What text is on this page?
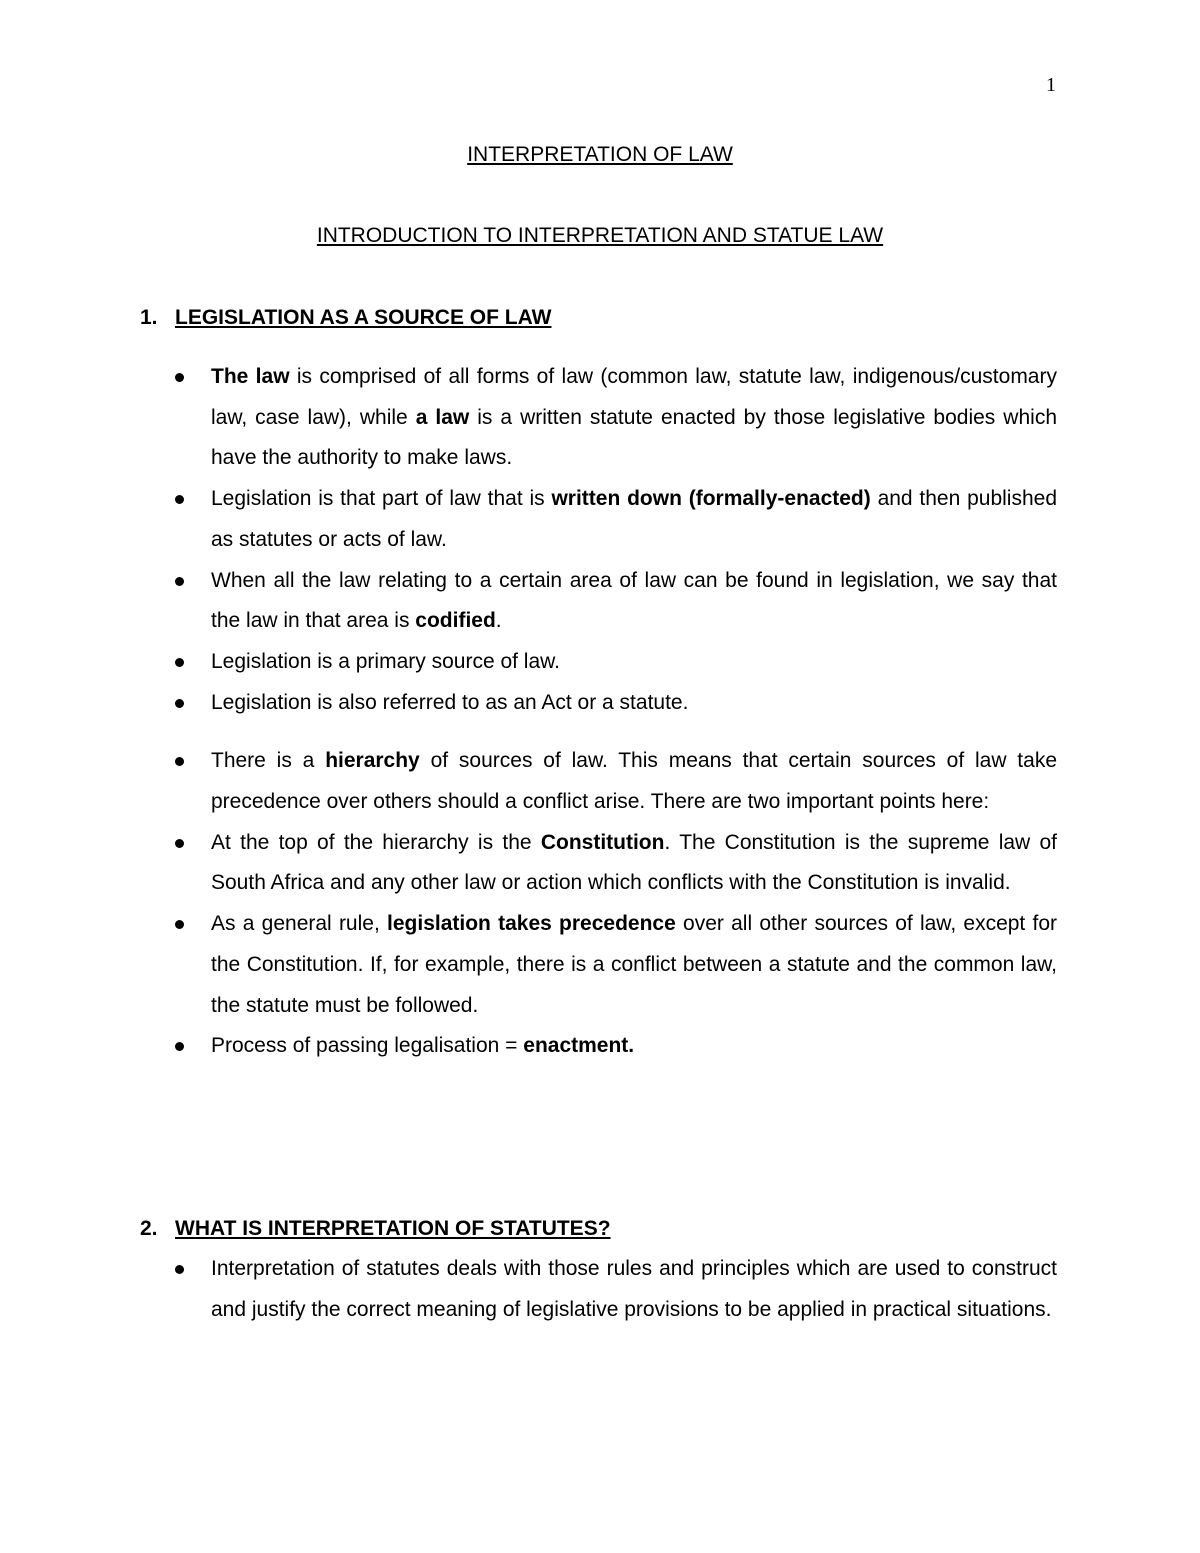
1
INTERPRETATION OF LAW
INTRODUCTION TO INTERPRETATION AND STATUE LAW
1. LEGISLATION AS A SOURCE OF LAW
The law is comprised of all forms of law (common law, statute law, indigenous/customary law, case law), while a law is a written statute enacted by those legislative bodies which have the authority to make laws.
Legislation is that part of law that is written down (formally-enacted) and then published as statutes or acts of law.
When all the law relating to a certain area of law can be found in legislation, we say that the law in that area is codified.
Legislation is a primary source of law.
Legislation is also referred to as an Act or a statute.
There is a hierarchy of sources of law. This means that certain sources of law take precedence over others should a conflict arise. There are two important points here:
At the top of the hierarchy is the Constitution. The Constitution is the supreme law of South Africa and any other law or action which conflicts with the Constitution is invalid.
As a general rule, legislation takes precedence over all other sources of law, except for the Constitution. If, for example, there is a conflict between a statute and the common law, the statute must be followed.
Process of passing legalisation = enactment.
2. WHAT IS INTERPRETATION OF STATUTES?
Interpretation of statutes deals with those rules and principles which are used to construct and justify the correct meaning of legislative provisions to be applied in practical situations.
